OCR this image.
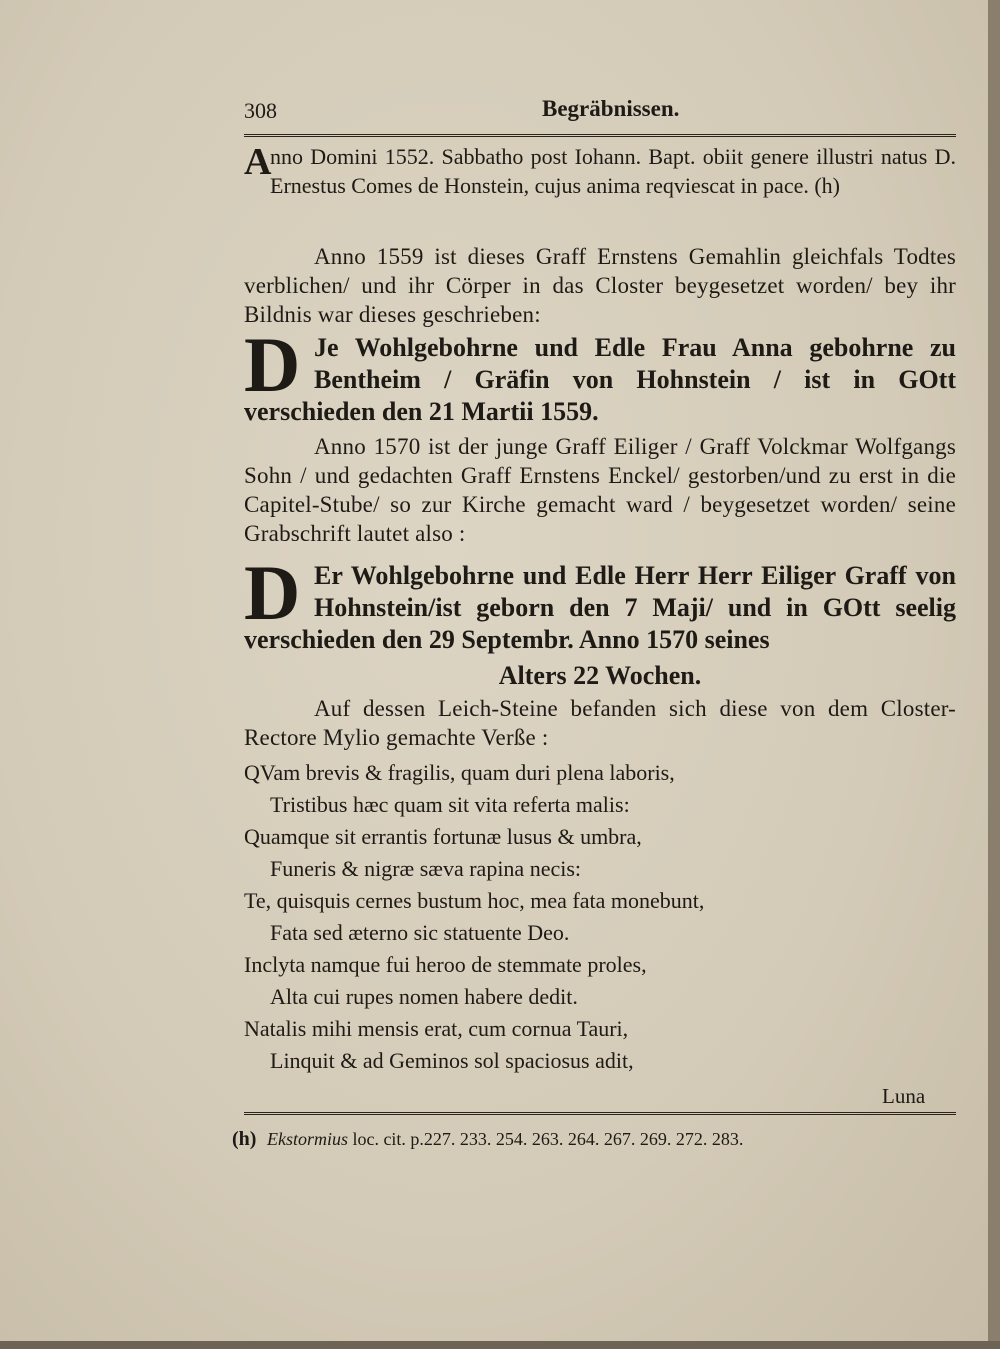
308	Begräbnissen.
A
nno Domini 1552. Sabbatho post Iohann. Bapt. obiit genere illustri natus D. Ernestus Comes de Honstein, cujus anima reqviescat in pace. (h)
Anno 1559 ist dieses Graff Ernstens Gemahlin gleichfals Todtes verblichen/ und ihr Cörper in das Closter beygesetzet worden/ bey ihr Bildnis war dieses geschrieben:
D Je Wohlgebohrne und Edle Frau Anna gebohrne zu Bentheim / Gräfin von Hohnstein / ist in GOtt verschieden den 21 Martii 1559.
Anno 1570 ist der junge Graff Eiliger / Graff Volckmar Wolfgangs Sohn / und gedachten Graff Ernstens Enckel/ gestorben/und zu erst in die Capitel-Stube/ so zur Kirche gemacht ward / beygesetzet worden/ seine Grabschrift lautet also :
D Er Wohlgebohrne und Edle Herr Herr Eiliger Graff von Hohnstein/ist geborn den 7 Maji/ und in GOtt seelig verschieden den 29 Septembr. Anno 1570 seines
Alters 22 Wochen.
Auf dessen Leich-Steine befanden sich diese von dem Closter-Rectore Mylio gemachte Verße :
QVam brevis & fragilis, quam duri plena laboris,
Tristibus hæc quam sit vita referta malis:
Quamque sit errantis fortunæ lusus & umbra,
Funeris & nigræ sæva rapina necis:
Te, quisquis cernes bustum hoc, mea fata monebunt,
Fata sed æterno sic statuente Deo.
Inclyta namque fui heroo de stemmate proles,
Alta cui rupes nomen habere dedit.
Natalis mihi mensis erat, cum cornua Tauri,
Linquit & ad Geminos sol spaciosus adit,
Luna
(h) Ekstormius loc. cit. p.227. 233. 254. 263. 264. 267. 269. 272. 283.
